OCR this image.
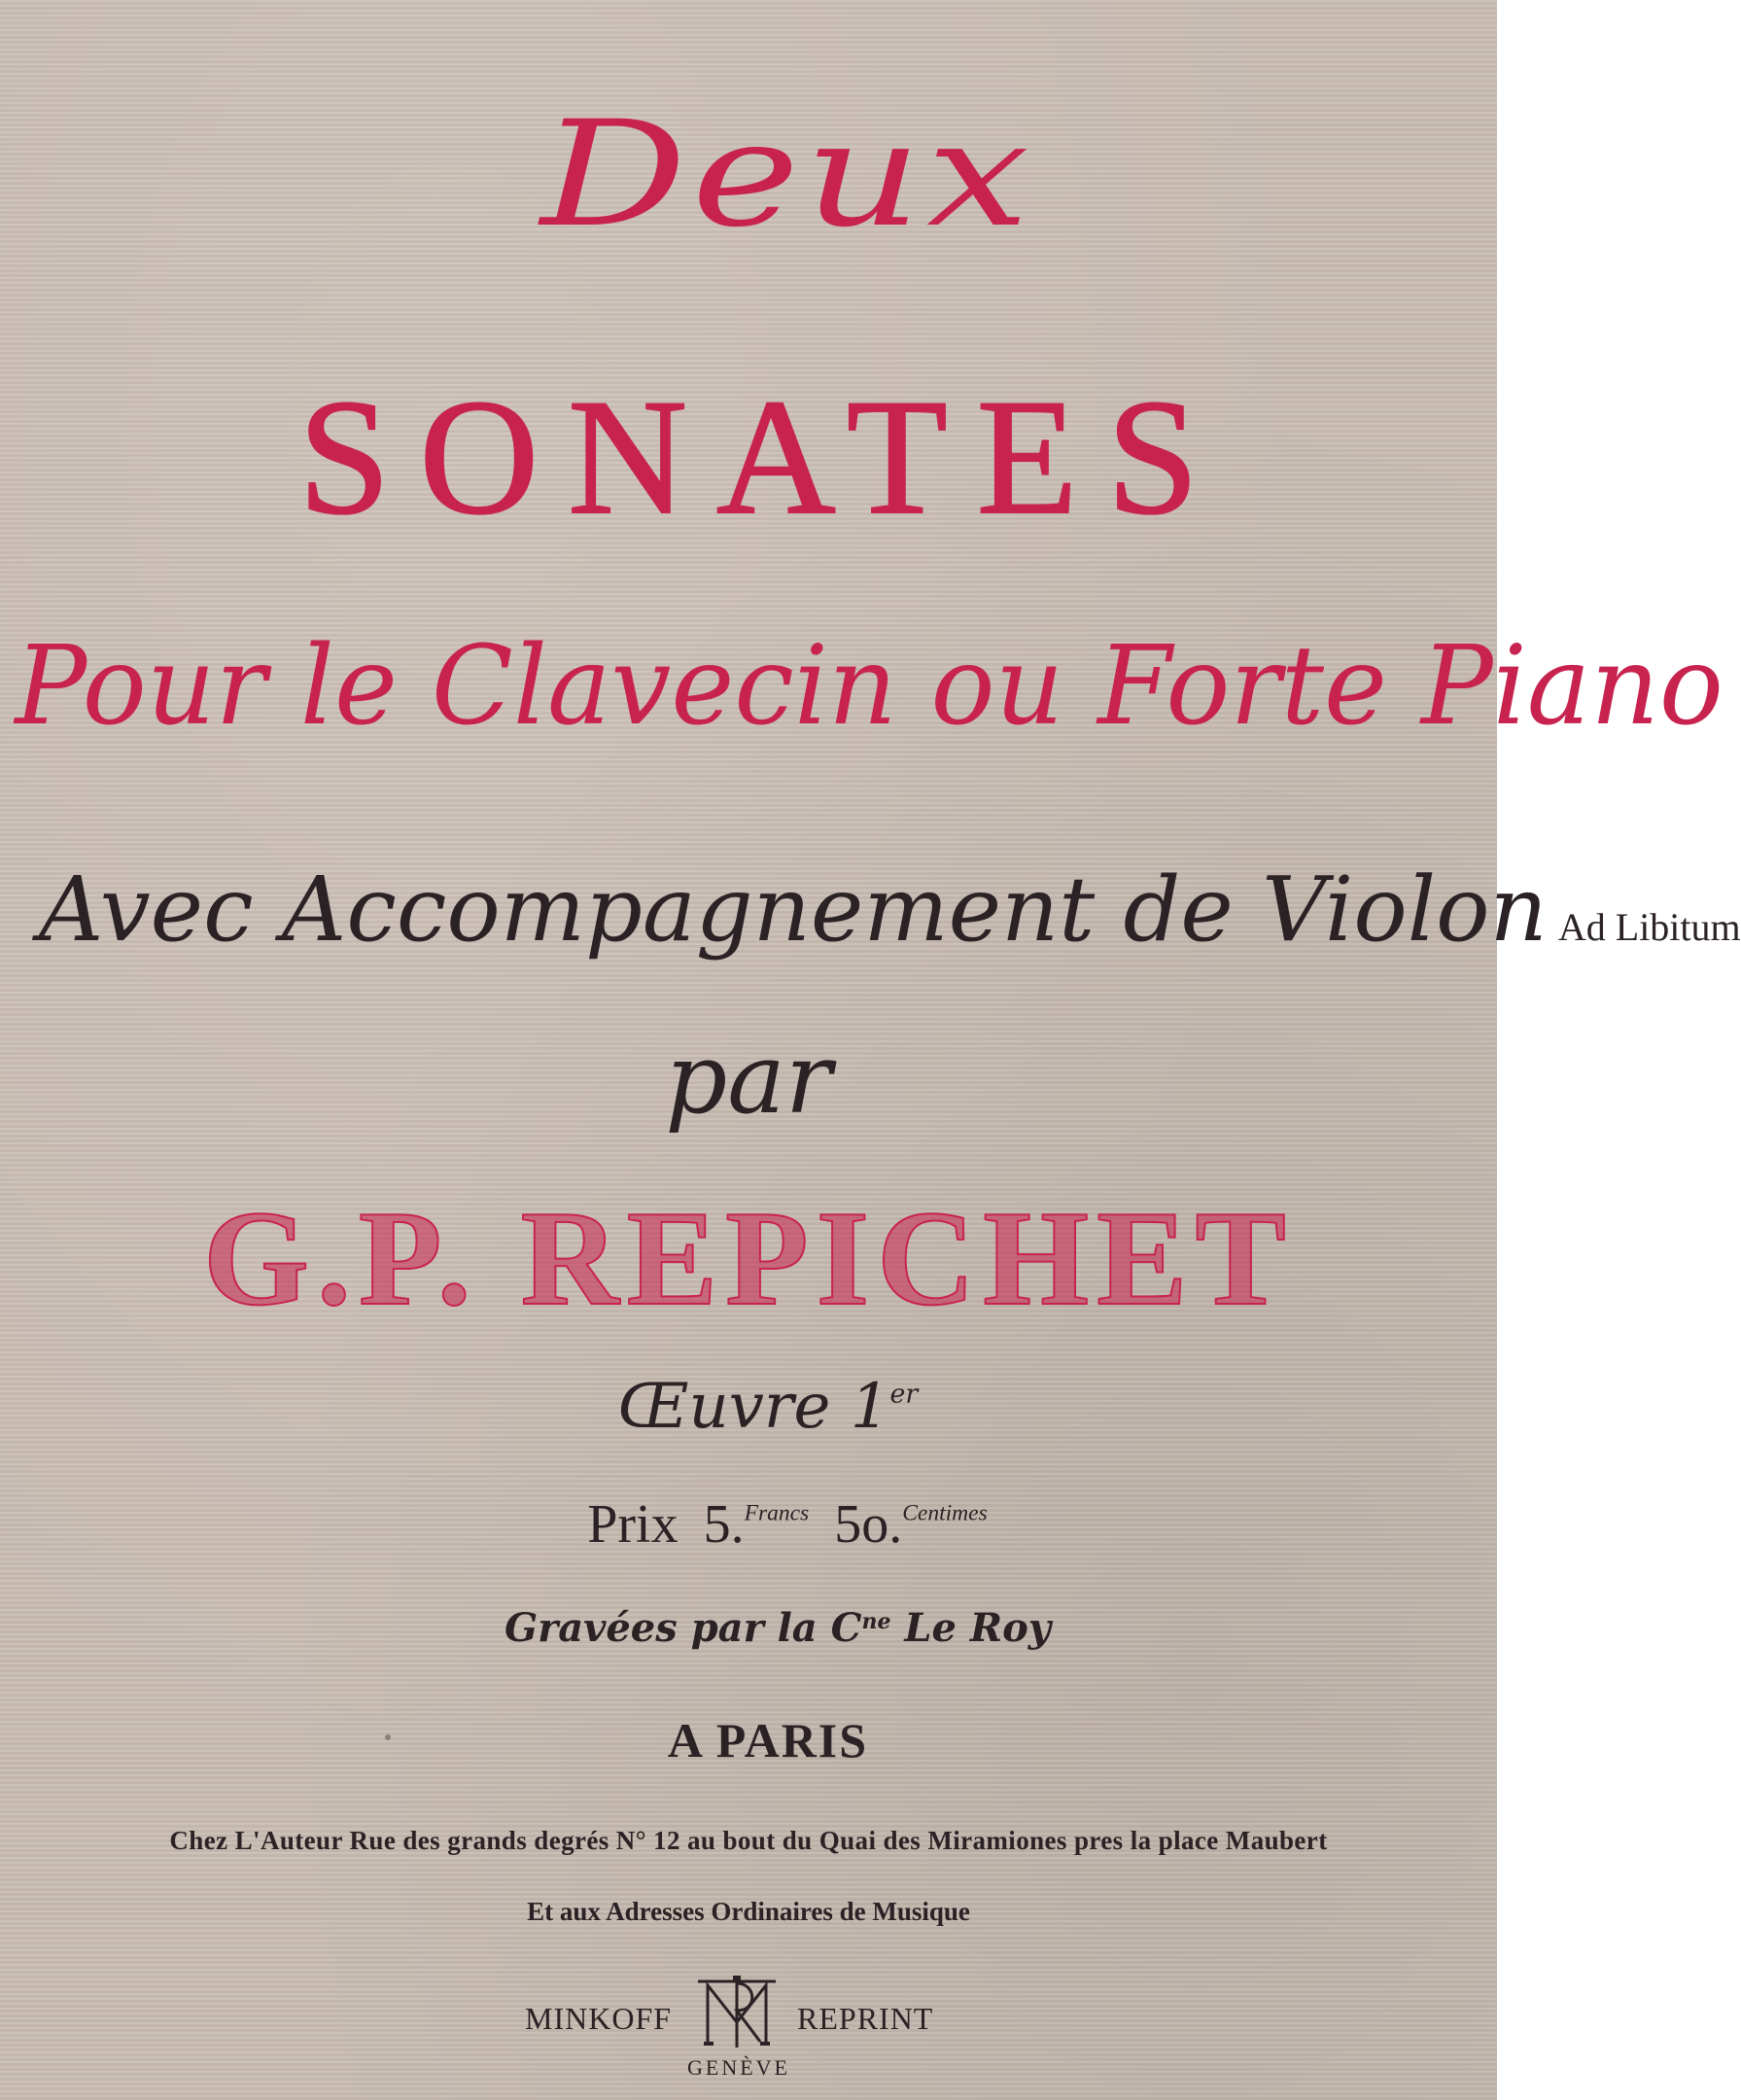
Deux
SONATES
Pour le Clavecin ou Forte Piano
Avec Accompagnement de Violon Ad Libitum
par
G.P. REPICHET
Œuvre 1er
Prix 5.$^{Francs}$ 5o.$^{Centimes}$
Gravées par la $C^{ne}$ Le Roy
A PARIS
Chez L'Auteur Rue des grands degrés N° 12 au bout du Quai des Miramiones pres la place Maubert
Et aux Adresses Ordinaires de Musique
MINKOFF	REPRINT
GENÈVE
